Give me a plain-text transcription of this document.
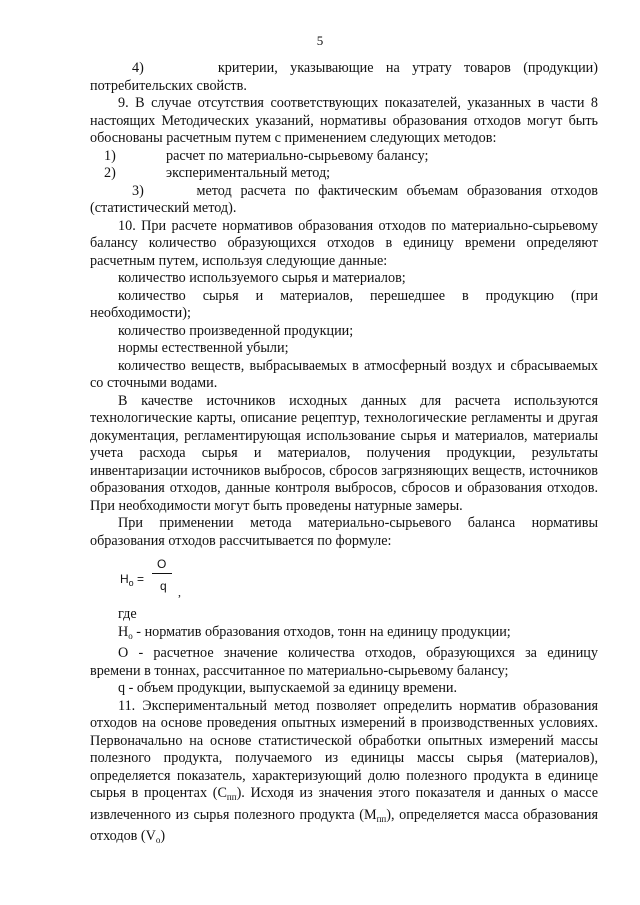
5

4)	критерии, указывающие на утрату товаров (продукции) потребительских свойств.

9. В случае отсутствия соответствующих показателей, указанных в части 8 настоящих Методических указаний, нормативы образования отходов могут быть обоснованы расчетным путем с применением следующих методов:

1)	расчет по материально-сырьевому балансу;

2)	экспериментальный метод;

3)	метод расчета по фактическим объемам образования отходов (статистический метод).

10. При расчете нормативов образования отходов по материально-сырьевому балансу количество образующихся отходов в единицу времени определяют расчетным путем, используя следующие данные:

количество используемого сырья и материалов;

количество сырья и материалов, перешедшее в продукцию (при необходимости);

количество произведенной продукции;

нормы естественной убыли;

количество веществ, выбрасываемых в атмосферный воздух и сбрасываемых со сточными водами.

В качестве источников исходных данных для расчета используются технологические карты, описание рецептур, технологические регламенты и другая документация, регламентирующая использование сырья и материалов, материалы учета расхода сырья и материалов, получения продукции, результаты инвентаризации источников выбросов, сбросов загрязняющих веществ, источников образования отходов, данные контроля выбросов, сбросов и образования отходов. При необходимости могут быть проведены натурные замеры.

При применении метода материально-сырьевого баланса нормативы образования отходов рассчитывается по формуле:

$Н_о$ =
О
q ,

где

$Н_о$ - норматив образования отходов, тонн на единицу продукции;

О - расчетное значение количества отходов, образующихся за единицу времени в тоннах, рассчитанное по материально-сырьевому балансу;

q - объем продукции, выпускаемой за единицу времени.

11. Экспериментальный метод позволяет определить норматив образования отходов на основе проведения опытных измерений в производственных условиях. Первоначально на основе статистической обработки опытных измерений массы полезного продукта, получаемого из единицы массы сырья (материалов), определяется показатель, характеризующий долю полезного продукта в единице сырья в процентах $(С_{пп})$. Исходя из значения этого показателя и данных о массе извлеченного из сырья полезного продукта $(М_{пп})$, определяется масса образования отходов $(V_о)$
